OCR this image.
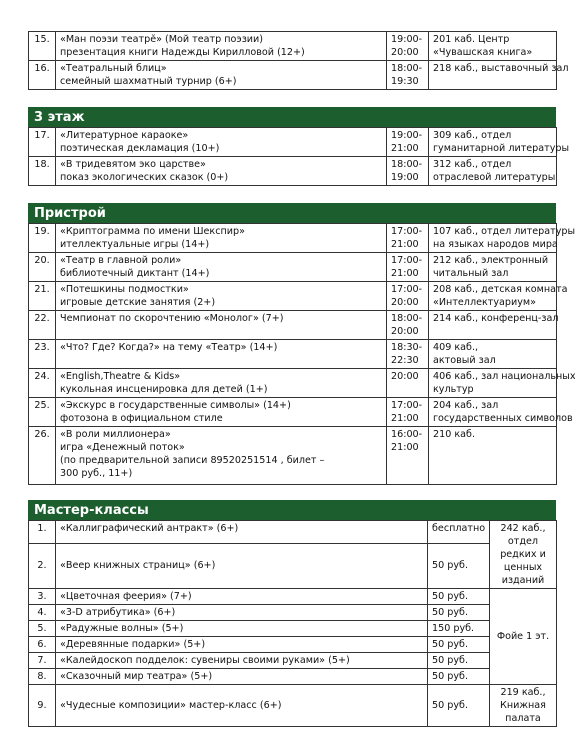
15.	«Ман поэзи театрĕ» (Мой театр поэзии)
презентация книги Надежды Кирилловой (12+)	19:00-
20:00	201 каб. Центр
«Чувашская книга»

16.	«Театральный блиц»
семейный шахматный турнир (6+)	18:00-
19:30	218 каб., выставочный зал
3 этаж
17.	«Литературное караоке»
поэтическая декламация (10+)	19:00-
21:00	309 каб., отдел
гуманитарной литературы

18.	«В тридевятом эко царстве»
показ экологических сказок (0+)	18:00-
19:00	312 каб., отдел
отраслевой литературы
Пристрой
19.	«Криптограмма по имени Шекспир»
ителлектуальные игры (14+)	17:00-
21:00	107 каб., отдел литературы
на языках народов мира

20.	«Театр в главной роли»
библиотечный диктант (14+)	17:00-
21:00	212 каб., электронный
читальный зал

21.	«Потешкины подмостки»
игровые детские занятия (2+)	17:00-
20:00	208 каб., детская комната
«Интеллектуариум»

22.	Чемпионат по скорочтению «Монолог» (7+)	18:00-
20:00	214 каб., конференц-зал

23.	«Что? Где? Когда?» на тему «Театр» (14+)	18:30-
22:30	409 каб.,
актовый зал

24.	«English,Theatre & Kids»
кукольная инсценировка для детей (1+)	20:00	406 каб., зал национальных
культур

25.	«Экскурс в государственные символы» (14+)
фотозона в официальном стиле	17:00-
21:00	204 каб., зал
государственных символов

26.	«В роли миллионера»
игра «Денежный поток»
(по предварительной записи 89520251514 , билет –
300 руб., 11+)	16:00-
21:00	210 каб.
Мастер-классы
1.	«Каллиграфический антракт» (6+)	бесплатно	242 каб.,
отдел редких и
ценных изданий

2.	«Веер книжных страниц» (6+)	50 руб.	
3.	«Цветочная феерия» (7+)	50 руб.	Фойе 1 эт.
4.	«3-D атрибутика» (6+)	50 руб.	
5.	«Радужные волны» (5+)	150 руб.	
6.	«Деревянные подарки» (5+)	50 руб.	
7.	«Калейдоскоп подделок: сувениры своими руками» (5+)	50 руб.	
8.	«Сказочный мир театра» (5+)	50 руб.	
9.	«Чудесные композиции» мастер-класс (6+)	50 руб.	219 каб.,
Книжная палата
